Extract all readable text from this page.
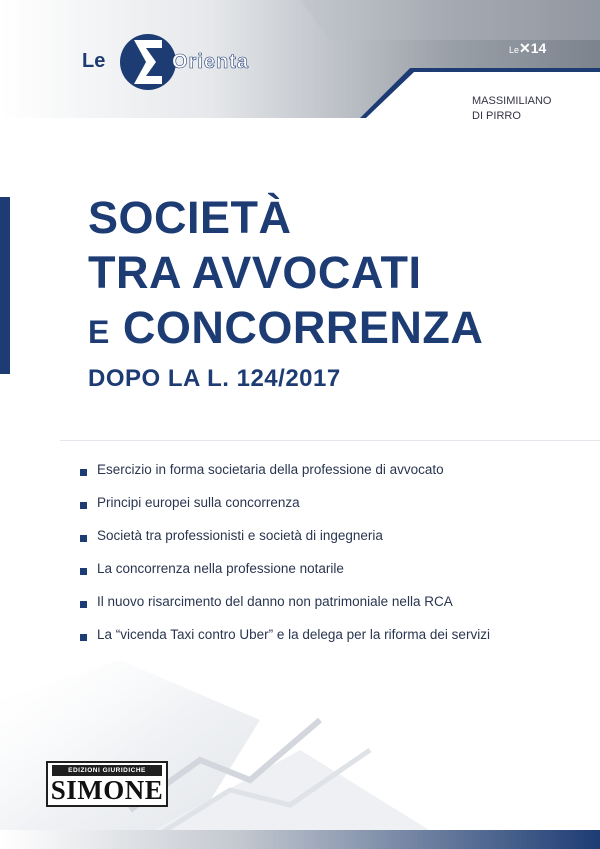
Le	Orienta
Le✕14
MASSIMILIANO
DI PIRRO
SOCIETÀ
TRA AVVOCATI
E CONCORRENZA
DOPO LA L. 124/2017
Esercizio in forma societaria della professione di avvocato
Principi europei sulla concorrenza
Società tra professionisti e società di ingegneria
La concorrenza nella professione notarile
Il nuovo risarcimento del danno non patrimoniale nella RCA
La “vicenda Taxi contro Uber” e la delega per la riforma dei servizi
EDIZIONI GIURIDICHE
SIMONE
